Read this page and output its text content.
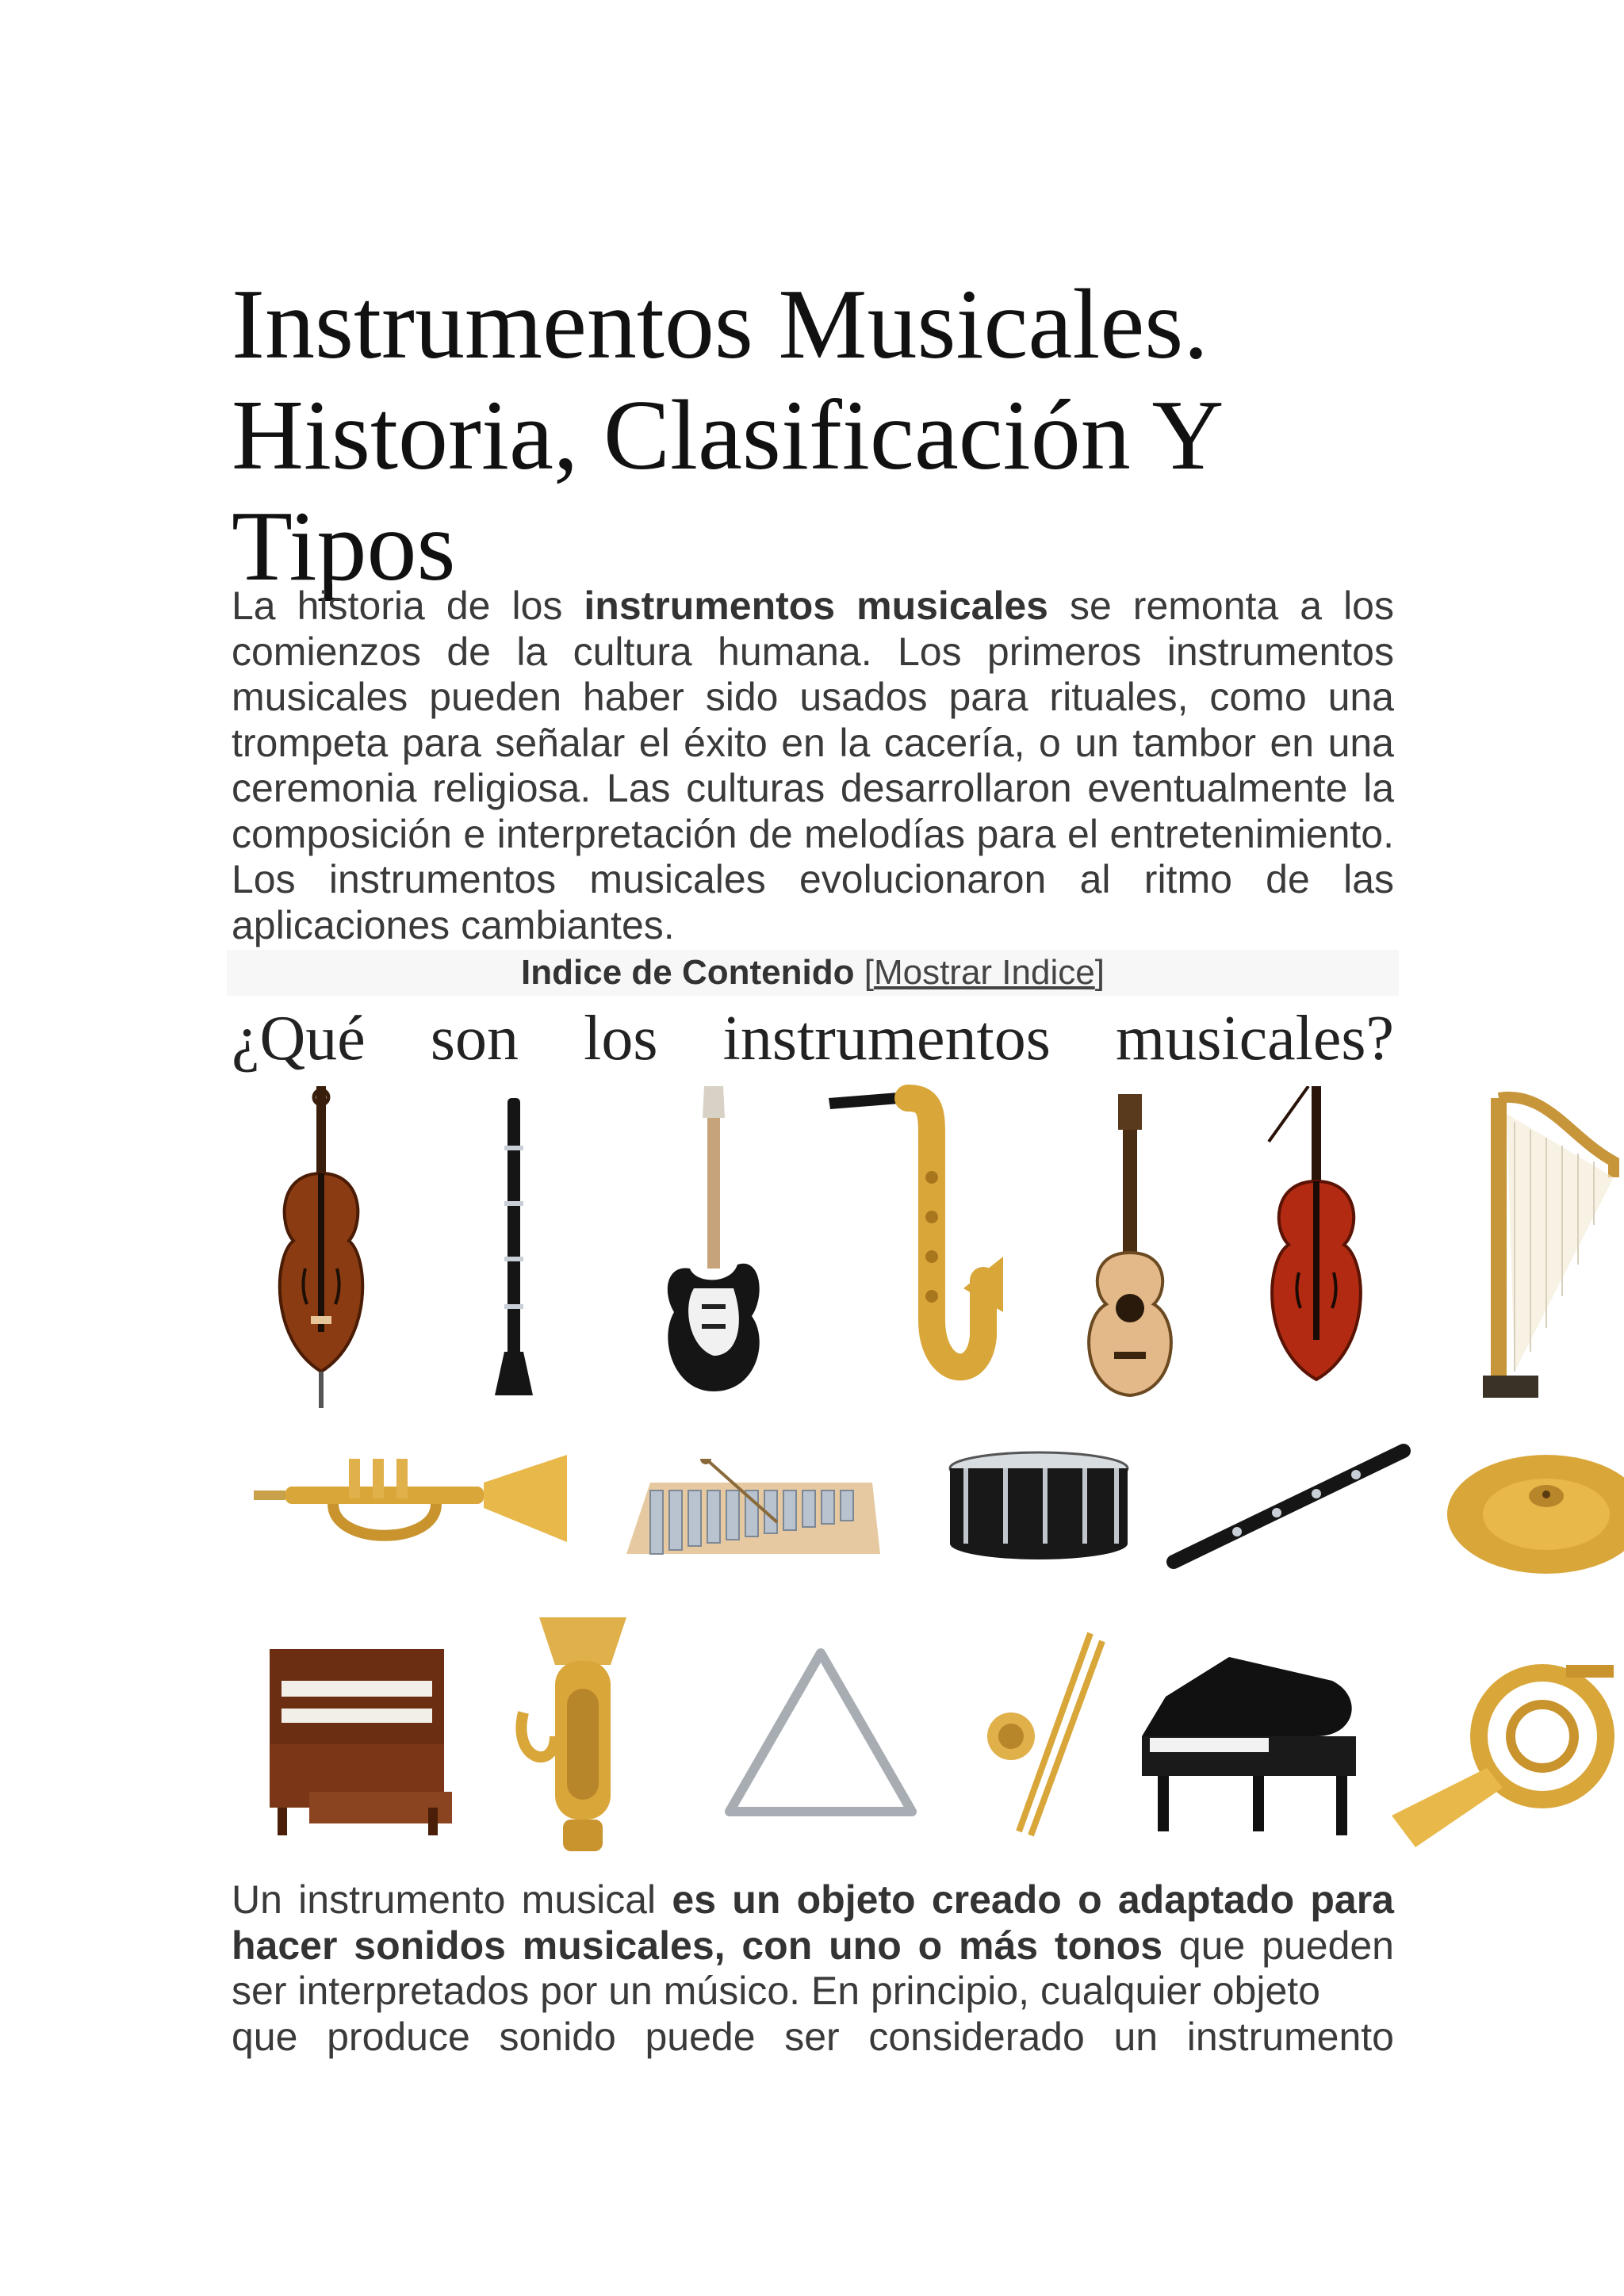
Instrumentos Musicales.
Historia, Clasificación Y
Tipos

La historia de los instrumentos musicales se remonta a los comienzos de la cultura humana. Los primeros instrumentos musicales pueden haber sido usados para rituales, como una trompeta para señalar el éxito en la cacería, o un tambor en una ceremonia religiosa. Las culturas desarrollaron eventualmente la composición e interpretación de melodías para el entretenimiento. Los instrumentos musicales evolucionaron al ritmo de las aplicaciones cambiantes.

Indice de Contenido [Mostrar Indice]
¿Qué son los instrumentos musicales?

Un instrumento musical es un objeto creado o adaptado para hacer sonidos musicales, con uno o más tonos que pueden ser interpretados por un músico. En principio, cualquier objeto
que produce sonido puede ser considerado un instrumento
